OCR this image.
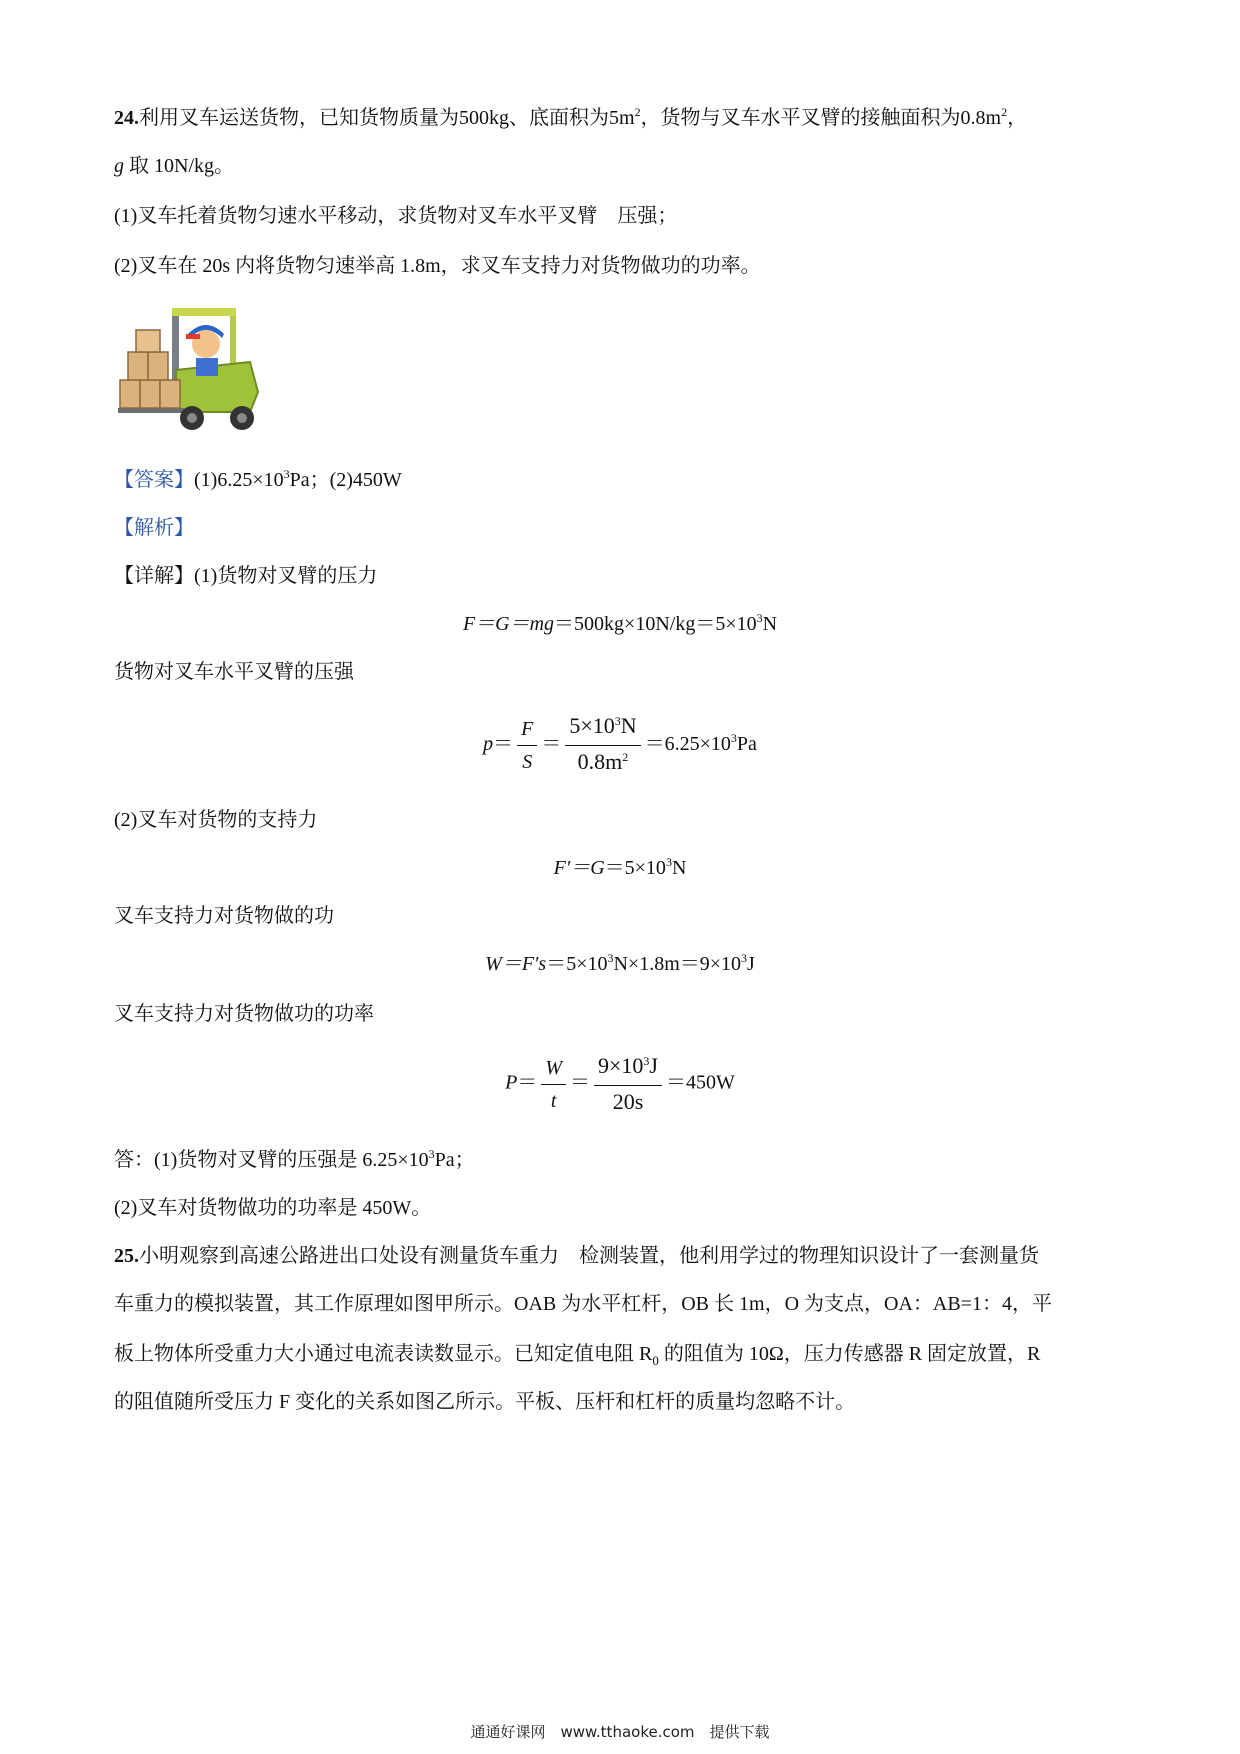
24.利用叉车运送货物，已知货物质量为500kg、底面积为$5m^2$，货物与叉车水平叉臂的接触面积为$0.8m^2$，
g 取 10N/kg。
(1)叉车托着货物匀速水平移动，求货物对叉车水平叉臂　压强；
(2)叉车在 20s 内将货物匀速举高 1.8m，求叉车支持力对货物做功的功率。
【答案】$(1)6.25\times 10^3Pa$；(2)450W
【解析】
【详解】(1)货物对叉臂的压力
$F=G=mg=500kg\times 10N/kg=5\times 10^3N$
货物对叉车水平叉臂的压强
$p= \frac{F}{S} = \frac{5\times 10^3N}{0.8m^2} =6.25\times 10^3Pa$
(2)叉车对货物的支持力
$F'=G=5\times 10^3N$
叉车支持力对货物做的功
$W=F's=5\times 10^3N\times 1.8m=9\times 10^3J$
叉车支持力对货物做功的功率
$P= \frac{W}{t} = \frac{9\times 10^3J}{20s} =450W$
答：(1)货物对叉臂的压强是 $6.25\times 10^3Pa$；
(2)叉车对货物做功的功率是 450W。
25.小明观察到高速公路进出口处设有测量货车重力　检测装置，他利用学过的物理知识设计了一套测量货
车重力的模拟装置，其工作原理如图甲所示。OAB 为水平杠杆，OB 长 1m，O 为支点，OA：AB=1：4，平
板上物体所受重力大小通过电流表读数显示。已知定值电阻 $R_0$ 的阻值为 10Ω，压力传感器 R 固定放置，R
的阻值随所受压力 F 变化的关系如图乙所示。平板、压杆和杠杆的质量均忽略不计。
通通好课网　www.tthaoke.com　提供下载
